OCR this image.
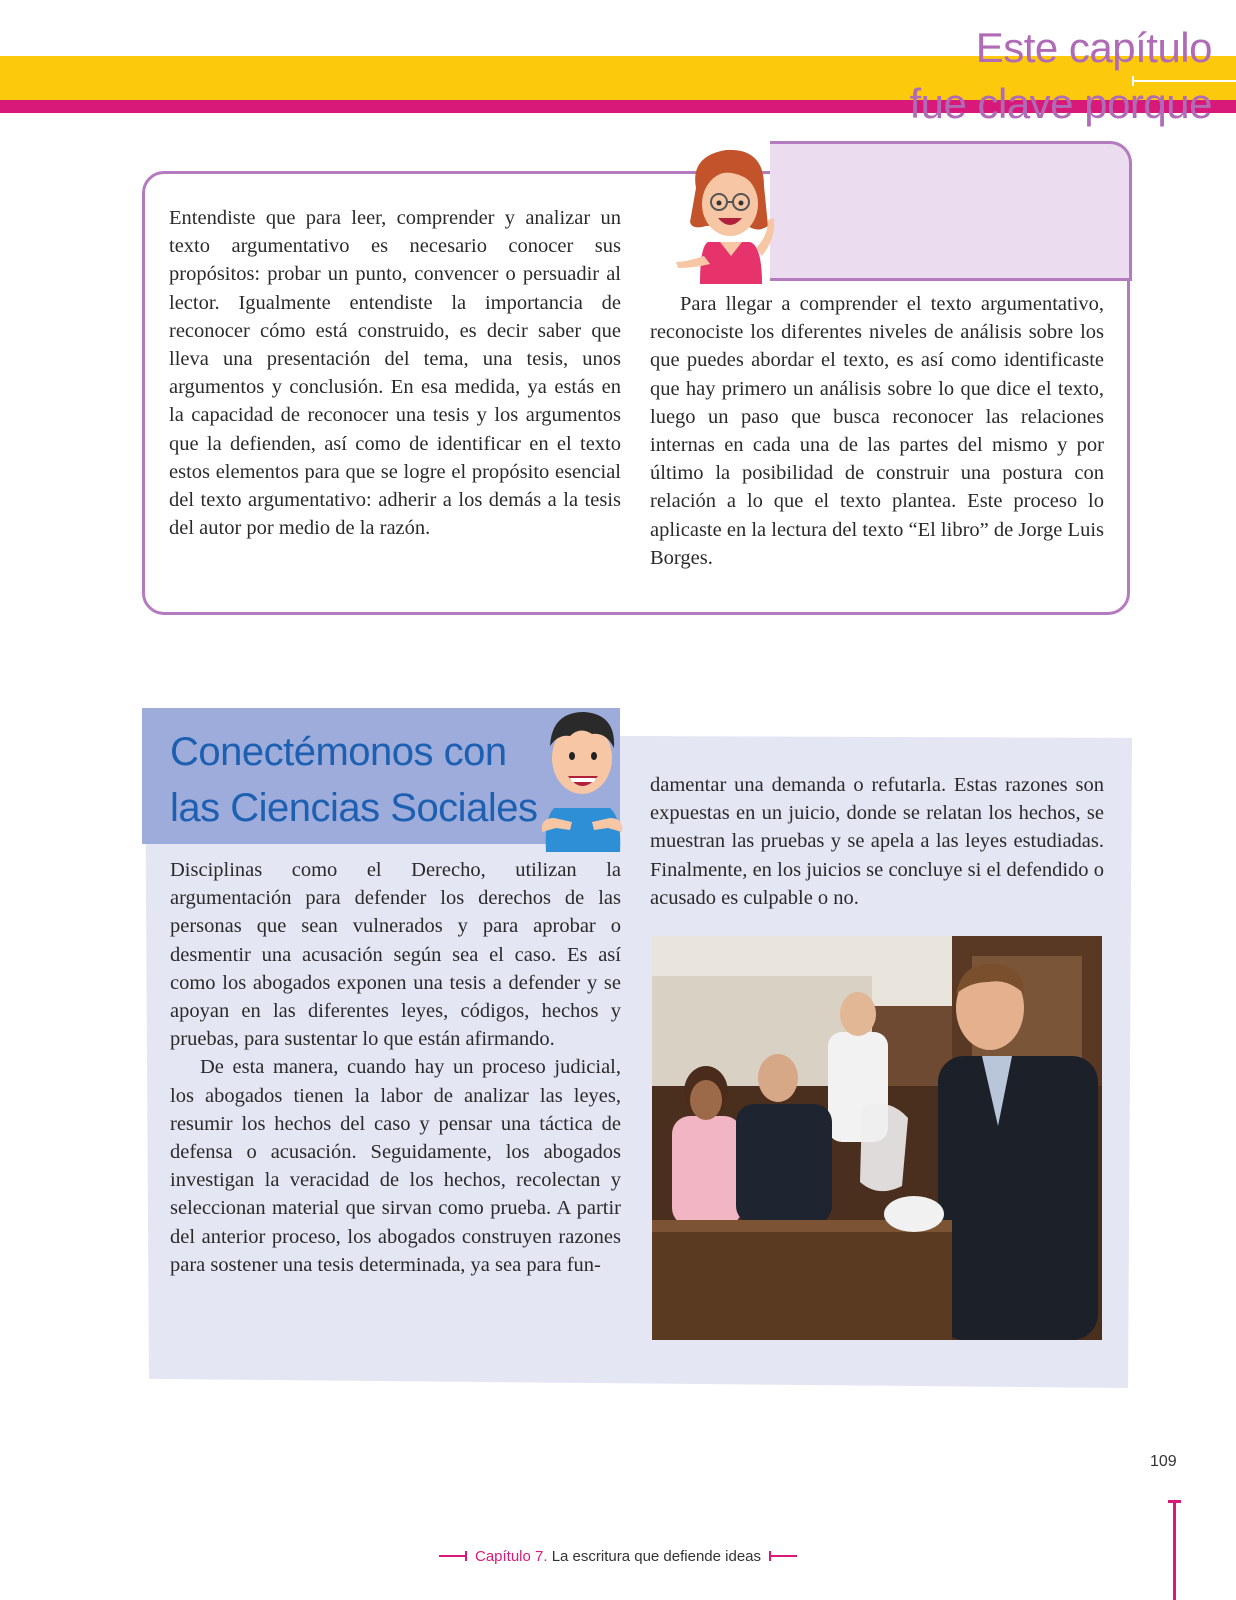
Este capítulo
fue clave porque

Entendiste que para leer, comprender y analizar un texto argumentativo es necesario conocer sus propósitos: probar un punto, convencer o persuadir al lector. Igualmente entendiste la importancia de reconocer cómo está construido, es decir saber que lleva una presentación del tema, una tesis, unos argumentos y conclusión. En esa medida, ya estás en la capacidad de reconocer una tesis y los argumentos que la defienden, así como de identificar en el texto estos elementos para que se logre el propósito esencial del texto argumentativo: adherir a los demás a la tesis del autor por medio de la razón.

Para llegar a comprender el texto argumentativo, reconociste los diferentes niveles de análisis sobre los que puedes abordar el texto, es así como identificaste que hay primero un análisis sobre lo que dice el texto, luego un paso que busca reconocer las relaciones internas en cada una de las partes del mismo y por último la posibilidad de construir una postura con relación a lo que el texto plantea. Este proceso lo aplicaste en la lectura del texto “El libro” de Jorge Luis Borges.

Conectémonos con
las Ciencias Sociales

Disciplinas como el Derecho, utilizan la argumentación para defender los derechos de las personas que sean vulnerados y para aprobar o desmentir una acusación según sea el caso. Es así como los abogados exponen una tesis a defender y se apoyan en las diferentes leyes, códigos, hechos y pruebas, para sustentar lo que están afirmando.

De esta manera, cuando hay un proceso judicial, los abogados tienen la labor de analizar las leyes, resumir los hechos del caso y pensar una táctica de defensa o acusación. Seguidamente, los abogados investigan la veracidad de los hechos, recolectan y seleccionan material que sirvan como prueba. A partir del anterior proceso, los abogados construyen razones para sostener una tesis determinada, ya sea para fun-

damentar una demanda o refutarla. Estas razones son expuestas en un juicio, donde se relatan los hechos, se muestran las pruebas y se apela a las leyes estudiadas. Finalmente, en los juicios se concluye si el defendido o acusado es culpable o no.

109

Capítulo 7. La escritura que defiende ideas
